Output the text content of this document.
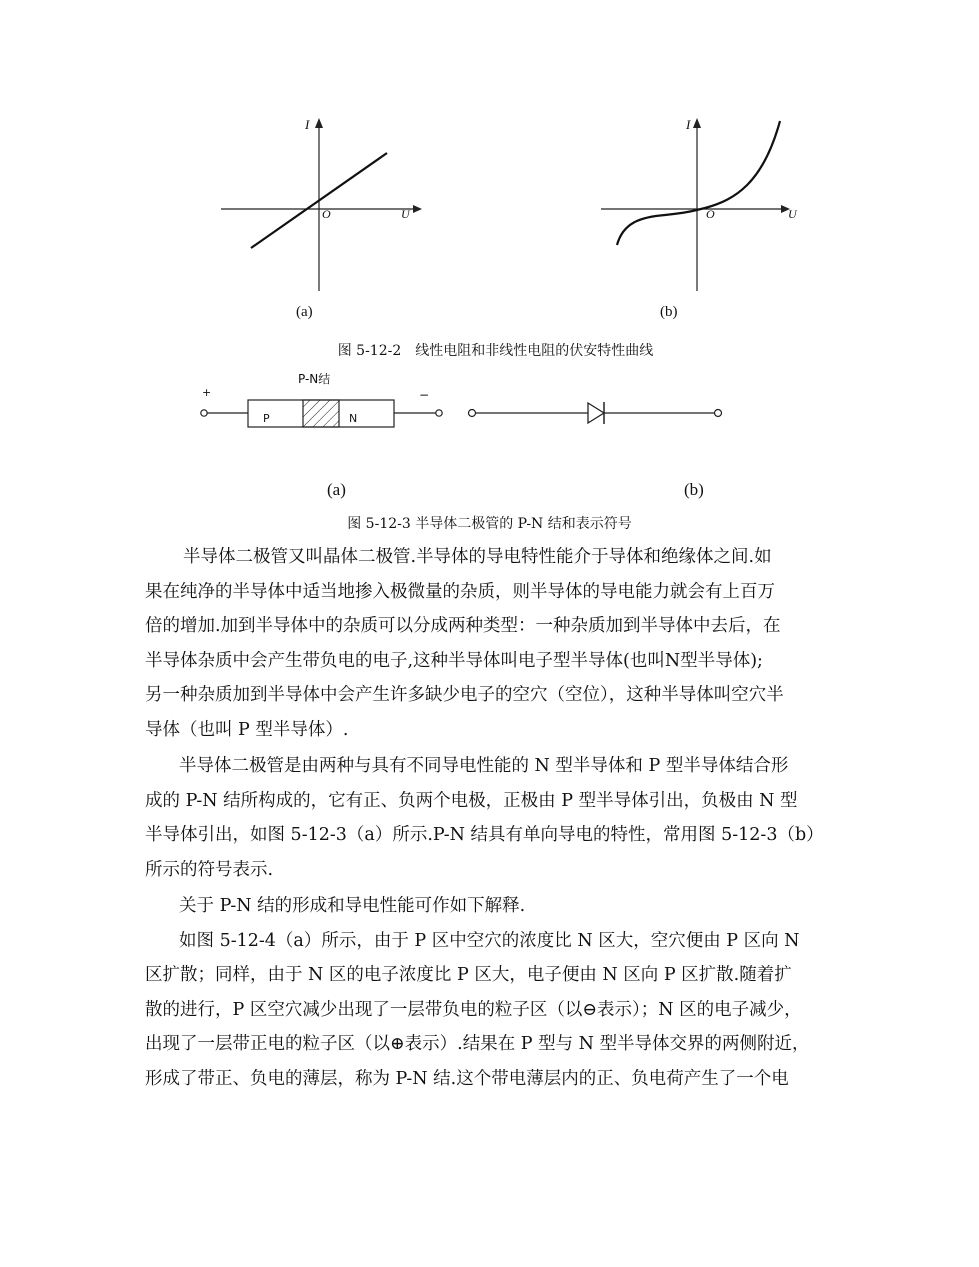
I
O	U
I
O	U
(a)	(b)
图 5-12-2　线性电阻和非线性电阻的伏安特性曲线
P-N结
+	−
P	N
(a)	(b)
图 5-12-3 半导体二极管的 P-N 结和表示符号
半导体二极管又叫晶体二极管.半导体的导电特性能介于导体和绝缘体之间.如
果在纯净的半导体中适当地掺入极微量的杂质，则半导体的导电能力就会有上百万
倍的增加.加到半导体中的杂质可以分成两种类型：一种杂质加到半导体中去后，在
半导体杂质中会产生带负电的电子,这种半导体叫电子型半导体(也叫N型半导体);
另一种杂质加到半导体中会产生许多缺少电子的空穴（空位），这种半导体叫空穴半
导体（也叫 P 型半导体）.
半导体二极管是由两种与具有不同导电性能的 N 型半导体和 P 型半导体结合形
成的 P-N 结所构成的，它有正、负两个电极，正极由 P 型半导体引出，负极由 N 型
半导体引出，如图 5-12-3（a）所示.P-N 结具有单向导电的特性，常用图 5-12-3（b）
所示的符号表示.
关于 P-N 结的形成和导电性能可作如下解释.
如图 5-12-4（a）所示，由于 P 区中空穴的浓度比 N 区大，空穴便由 P 区向 N
区扩散；同样，由于 N 区的电子浓度比 P 区大，电子便由 N 区向 P 区扩散.随着扩
散的进行，P 区空穴减少出现了一层带负电的粒子区（以⊖表示）；N 区的电子减少，
出现了一层带正电的粒子区（以⊕表示）.结果在 P 型与 N 型半导体交界的两侧附近，
形成了带正、负电的薄层，称为 P-N 结.这个带电薄层内的正、负电荷产生了一个电
